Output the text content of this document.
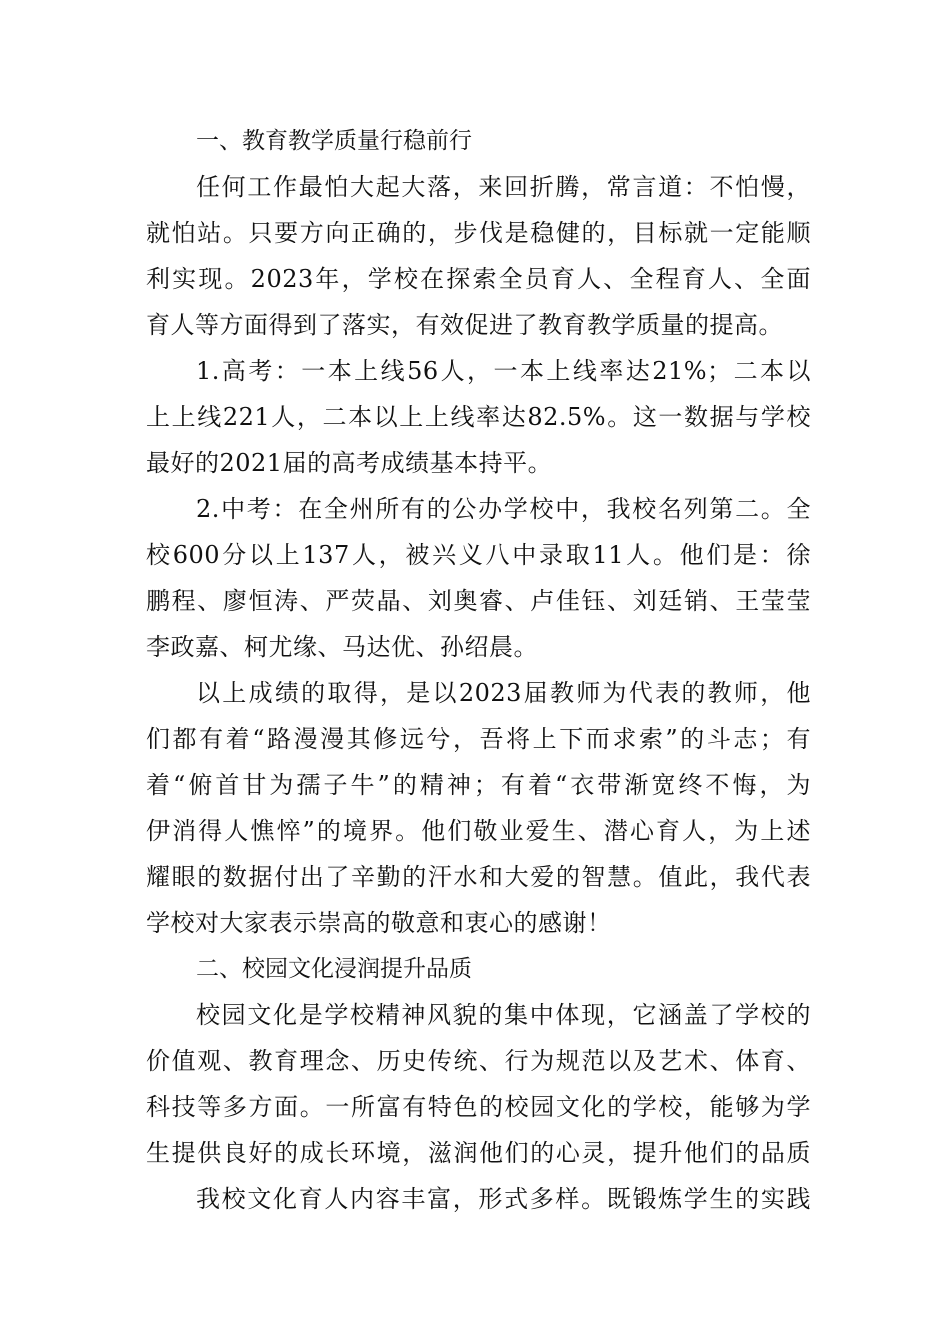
一、教育教学质量行稳前行
任何工作最怕大起大落，来回折腾，常言道：不怕慢，
就怕站。只要方向正确的，步伐是稳健的，目标就一定能顺
利实现。2023年，学校在探索全员育人、全程育人、全面
育人等方面得到了落实，有效促进了教育教学质量的提高。
1.高考：一本上线56人，一本上线率达21%；二本以
上上线221人，二本以上上线率达82.5%。这一数据与学校
最好的2021届的高考成绩基本持平。
2.中考：在全州所有的公办学校中，我校名列第二。全
校600分以上137人，被兴义八中录取11人。他们是：徐
鹏程、廖恒涛、严荧晶、刘奥睿、卢佳钰、刘廷销、王莹莹
李政嘉、柯尤缘、马达优、孙绍晨。
以上成绩的取得，是以2023届教师为代表的教师，他
们都有着“路漫漫其修远兮，吾将上下而求索”的斗志；有
着“俯首甘为孺子牛”的精神；有着“衣带渐宽终不悔，为
伊消得人憔悴”的境界。他们敬业爱生、潜心育人，为上述
耀眼的数据付出了辛勤的汗水和大爱的智慧。值此，我代表
学校对大家表示崇高的敬意和衷心的感谢！
二、校园文化浸润提升品质
校园文化是学校精神风貌的集中体现，它涵盖了学校的
价值观、教育理念、历史传统、行为规范以及艺术、体育、
科技等多方面。一所富有特色的校园文化的学校，能够为学
生提供良好的成长环境，滋润他们的心灵，提升他们的品质
我校文化育人内容丰富，形式多样。既锻炼学生的实践
